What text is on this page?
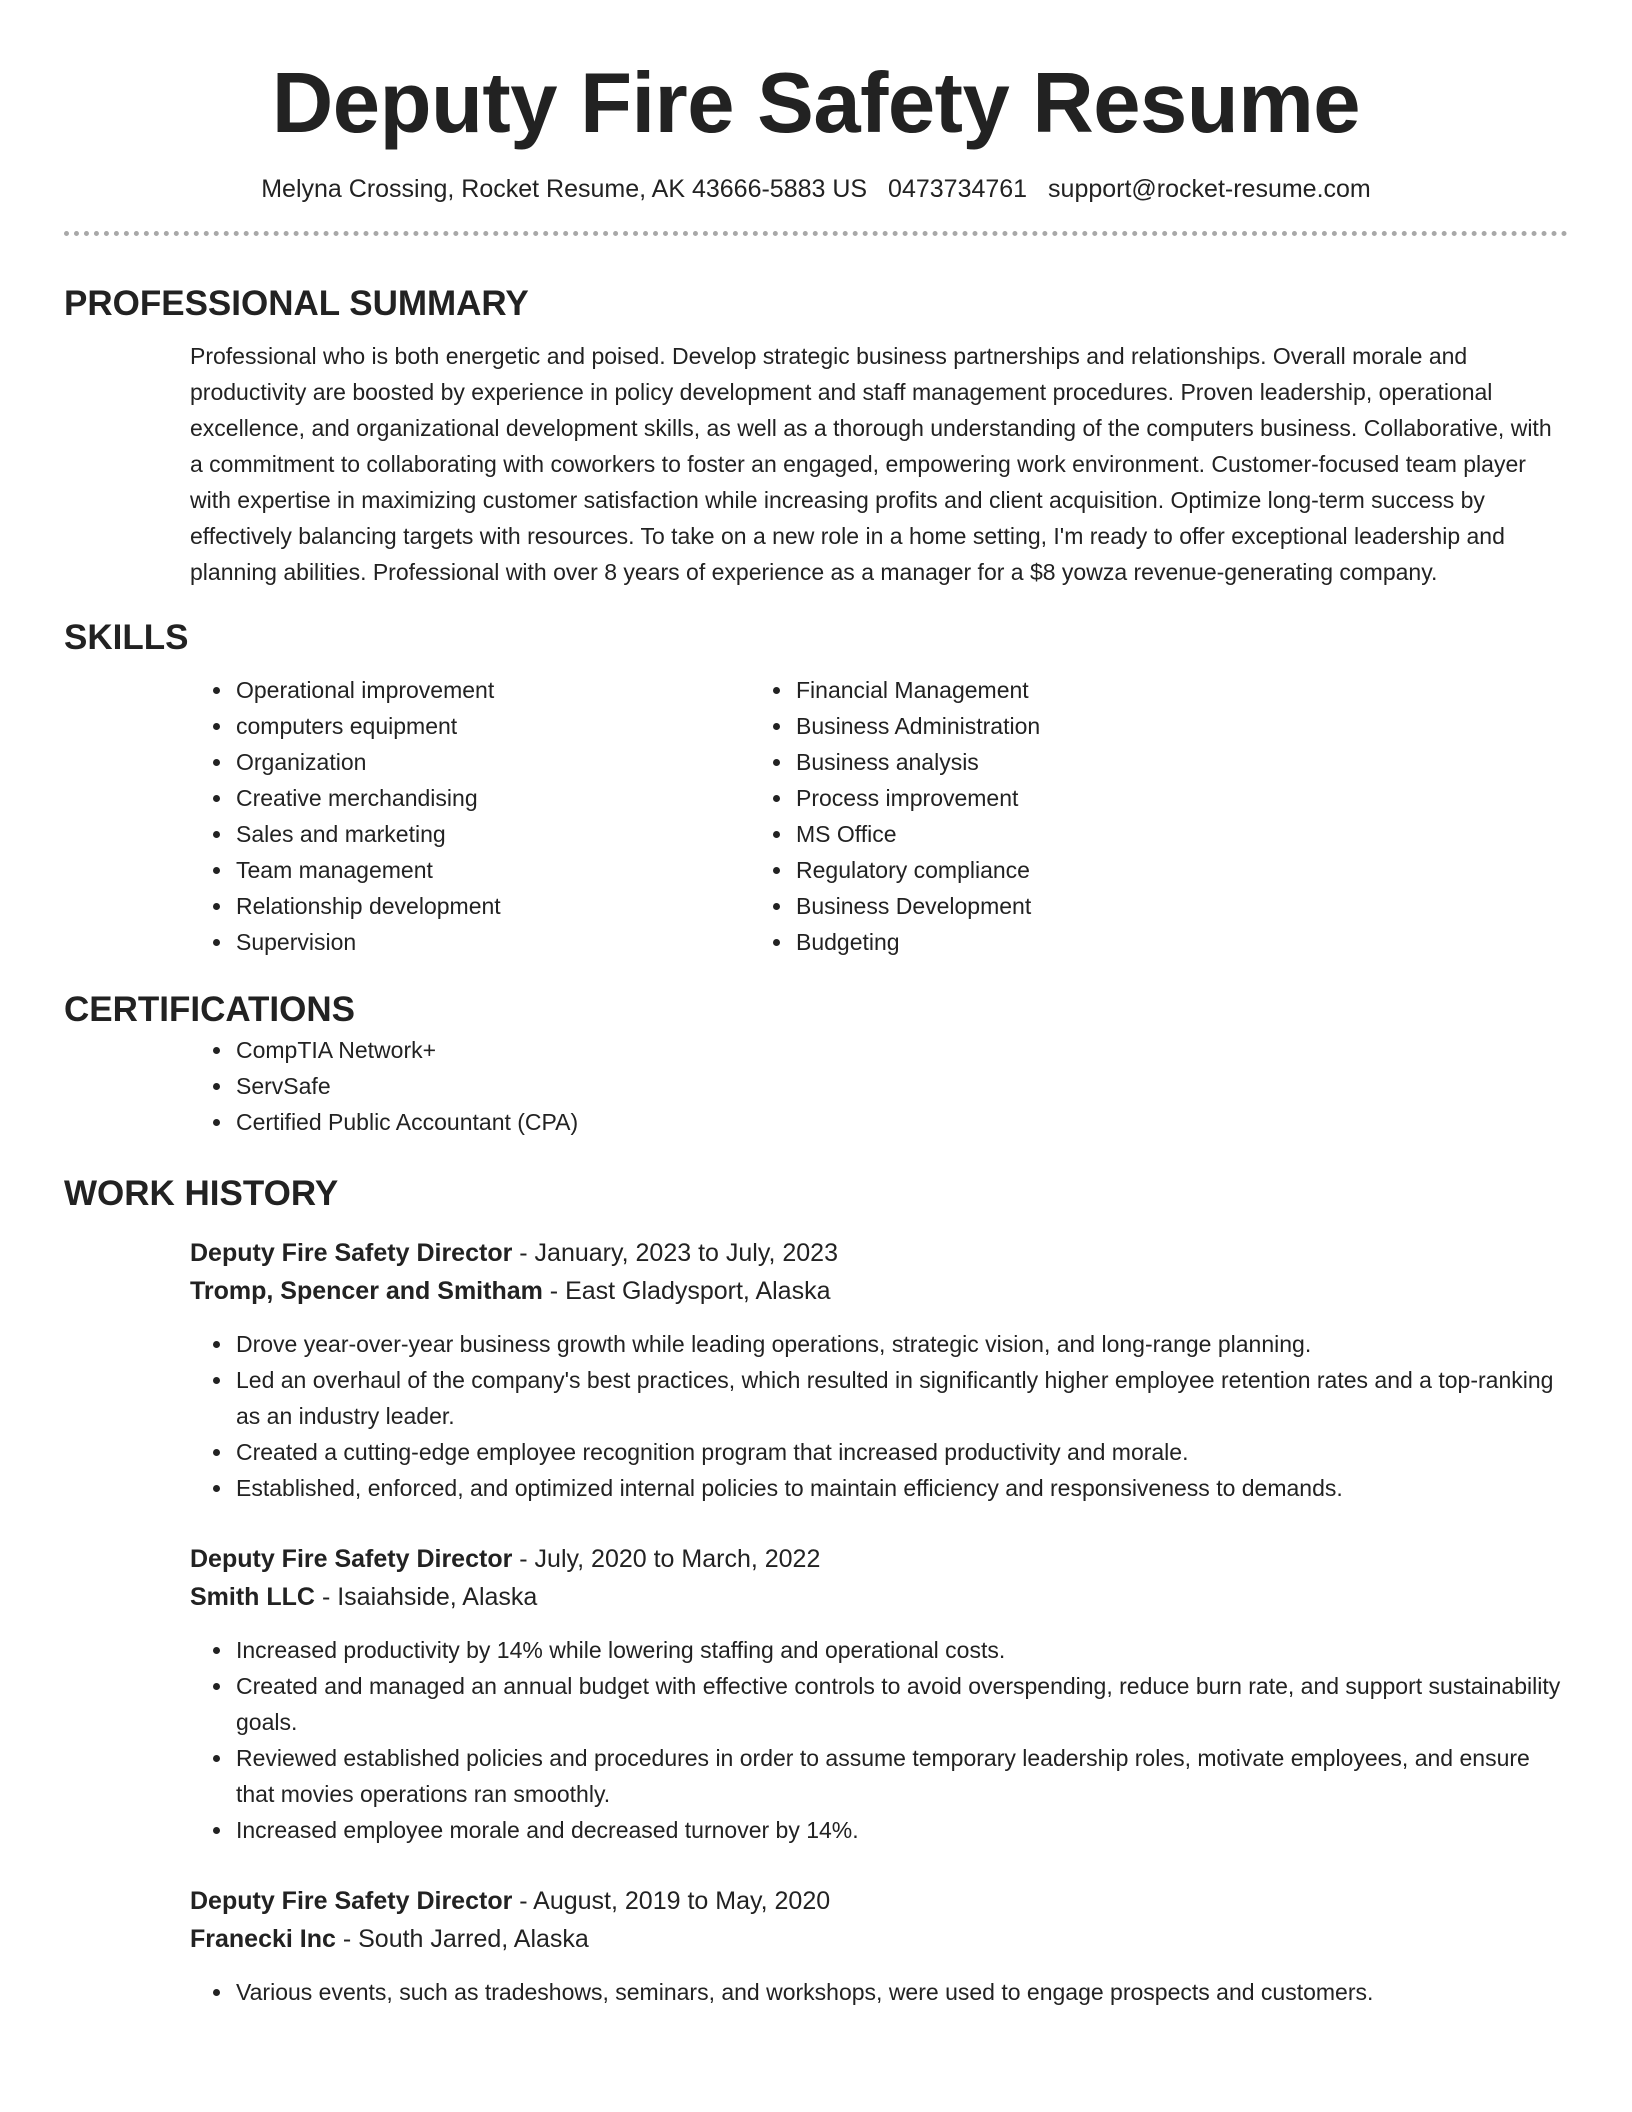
Deputy Fire Safety Resume
Melyna Crossing, Rocket Resume, AK 43666-5883 US 0473734761 support@rocket-resume.com
PROFESSIONAL SUMMARY

Professional who is both energetic and poised. Develop strategic business partnerships and relationships. Overall morale and productivity are boosted by experience in policy development and staff management procedures. Proven leadership, operational excellence, and organizational development skills, as well as a thorough understanding of the computers business. Collaborative, with a commitment to collaborating with coworkers to foster an engaged, empowering work environment. Customer-focused team player with expertise in maximizing customer satisfaction while increasing profits and client acquisition. Optimize long-term success by effectively balancing targets with resources. To take on a new role in a home setting, I'm ready to offer exceptional leadership and planning abilities. Professional with over 8 years of experience as a manager for a $8 yowza revenue-generating company.

SKILLS
• Operational improvement
• computers equipment
• Organization
• Creative merchandising
• Sales and marketing
• Team management
• Relationship development
• Supervision
• Financial Management
• Business Administration
• Business analysis
• Process improvement
• MS Office
• Regulatory compliance
• Business Development
• Budgeting
CERTIFICATIONS
• CompTIA Network+
• ServSafe
• Certified Public Accountant (CPA)
WORK HISTORY
Deputy Fire Safety Director - January, 2023 to July, 2023
Tromp, Spencer and Smitham - East Gladysport, Alaska
• Drove year-over-year business growth while leading operations, strategic vision, and long-range planning.
• Led an overhaul of the company's best practices, which resulted in significantly higher employee retention rates and a top-ranking as an industry leader.
• Created a cutting-edge employee recognition program that increased productivity and morale.
• Established, enforced, and optimized internal policies to maintain efficiency and responsiveness to demands.
Deputy Fire Safety Director - July, 2020 to March, 2022
Smith LLC - Isaiahside, Alaska
• Increased productivity by 14% while lowering staffing and operational costs.
• Created and managed an annual budget with effective controls to avoid overspending, reduce burn rate, and support sustainability goals.
• Reviewed established policies and procedures in order to assume temporary leadership roles, motivate employees, and ensure that movies operations ran smoothly.
• Increased employee morale and decreased turnover by 14%.
Deputy Fire Safety Director - August, 2019 to May, 2020
Franecki Inc - South Jarred, Alaska
• Various events, such as tradeshows, seminars, and workshops, were used to engage prospects and customers.
